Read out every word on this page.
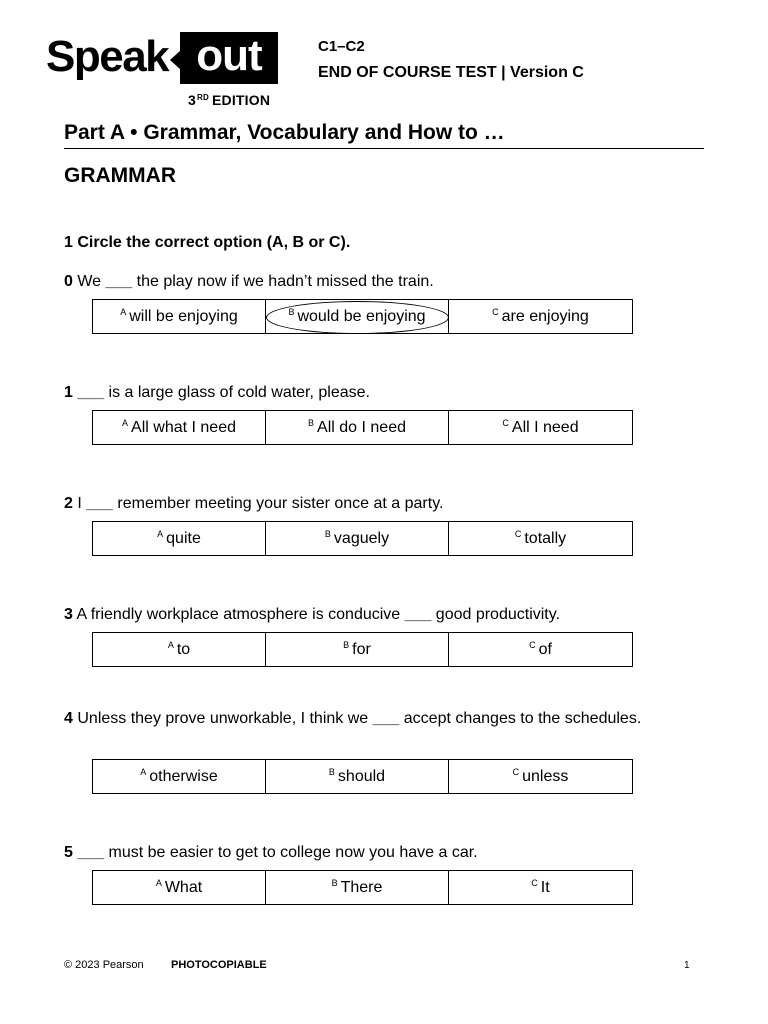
Speak out
3RD EDITION
C1–C2
END OF COURSE TEST | Version C
Part A • Grammar, Vocabulary and How to …
GRAMMAR
1 Circle the correct option (A, B or C).
0 We ___ the play now if we hadn’t missed the train.
$^A$ will be enjoying	$^B$ would be enjoying	$^C$ are enjoying
1 ___ is a large glass of cold water, please.
$^A$ All what I need	$^B$ All do I need	$^C$ All I need
2 I ___ remember meeting your sister once at a party.
$^A$ quite	$^B$ vaguely	$^C$ totally
3 A friendly workplace atmosphere is conducive ___ good productivity.
$^A$ to	$^B$ for	$^C$ of
4 Unless they prove unworkable, I think we ___ accept changes to the schedules.
$^A$ otherwise	$^B$ should	$^C$ unless
5 ___ must be easier to get to college now you have a car.
$^A$ What	$^B$ There	$^C$ It
© 2023 Pearson PHOTOCOPIABLE	1
